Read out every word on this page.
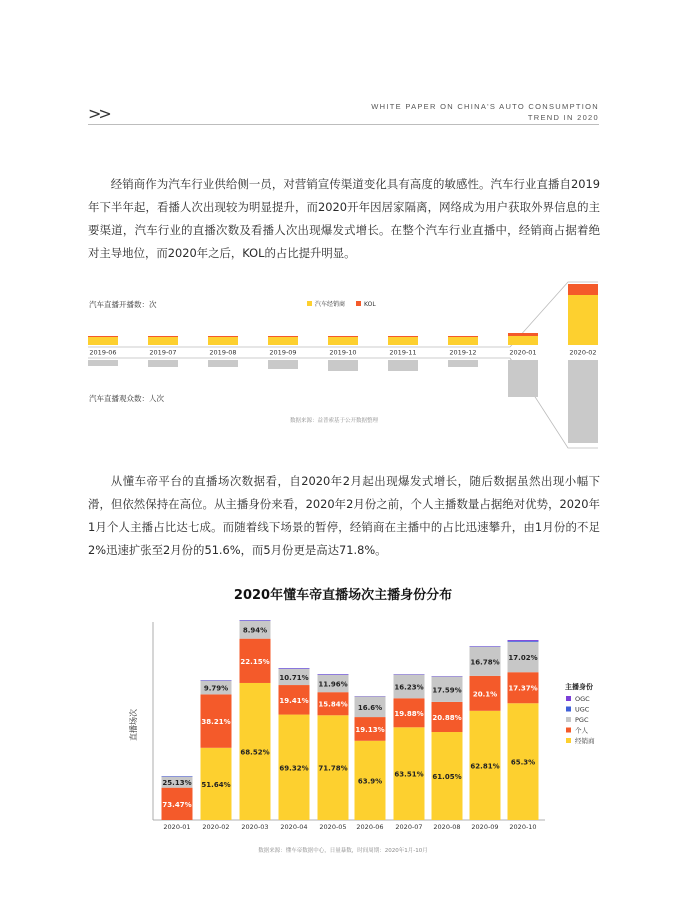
>>	WHITE PAPER ON CHINA'S AUTO CONSUMPTION
TREND IN 2020

经销商作为汽车行业供给侧一员，对营销宣传渠道变化具有高度的敏感性。汽车行业直播自2019年下半年起，看播人次出现较为明显提升，而2020开年因居家隔离，网络成为用户获取外界信息的主要渠道，汽车行业的直播次数及看播人次出现爆发式增长。在整个汽车行业直播中，经销商占据着绝对主导地位，而2020年之后，KOL的占比提升明显。

汽车直播开播数：次
汽车直播观众数：人次
汽车经销商	KOL
2019-06	2019-07	2019-08	2019-09	2019-10	2019-11	2019-12	2020-01	2020-02
数据来源：益普索基于公开数据整理

从懂车帝平台的直播场次数据看，自2020年2月起出现爆发式增长，随后数据虽然出现小幅下滑，但依然保持在高位。从主播身份来看，2020年2月份之前，个人主播数量占据绝对优势，2020年1月个人主播占比达七成。而随着线下场景的暂停，经销商在主播中的占比迅速攀升，由1月份的不足2%迅速扩张至2月份的51.6%，而5月份更是高达71.8%。

2020年懂车帝直播场次主播身份分布
直播场次
73.47%
25.13%
2020-01
51.64%
38.21%
9.79%
2020-02
68.52%
22.15%
8.94%
2020-03
69.32%
19.41%
10.71%
2020-04
71.78%
15.84%
11.96%
2020-05
63.9%
19.13%
16.6%
2020-06
63.51%
19.88%
16.23%
2020-07
61.05%
20.88%
17.59%
2020-08
62.81%
20.1%
16.78%
2020-09
65.3%
17.37%
17.02%
2020-10
主播身份
OGC
UGC
PGC
个人
经销商
数据来源：懂车帝数据中心，日量暴数，时间周期：2020年1月-10月
